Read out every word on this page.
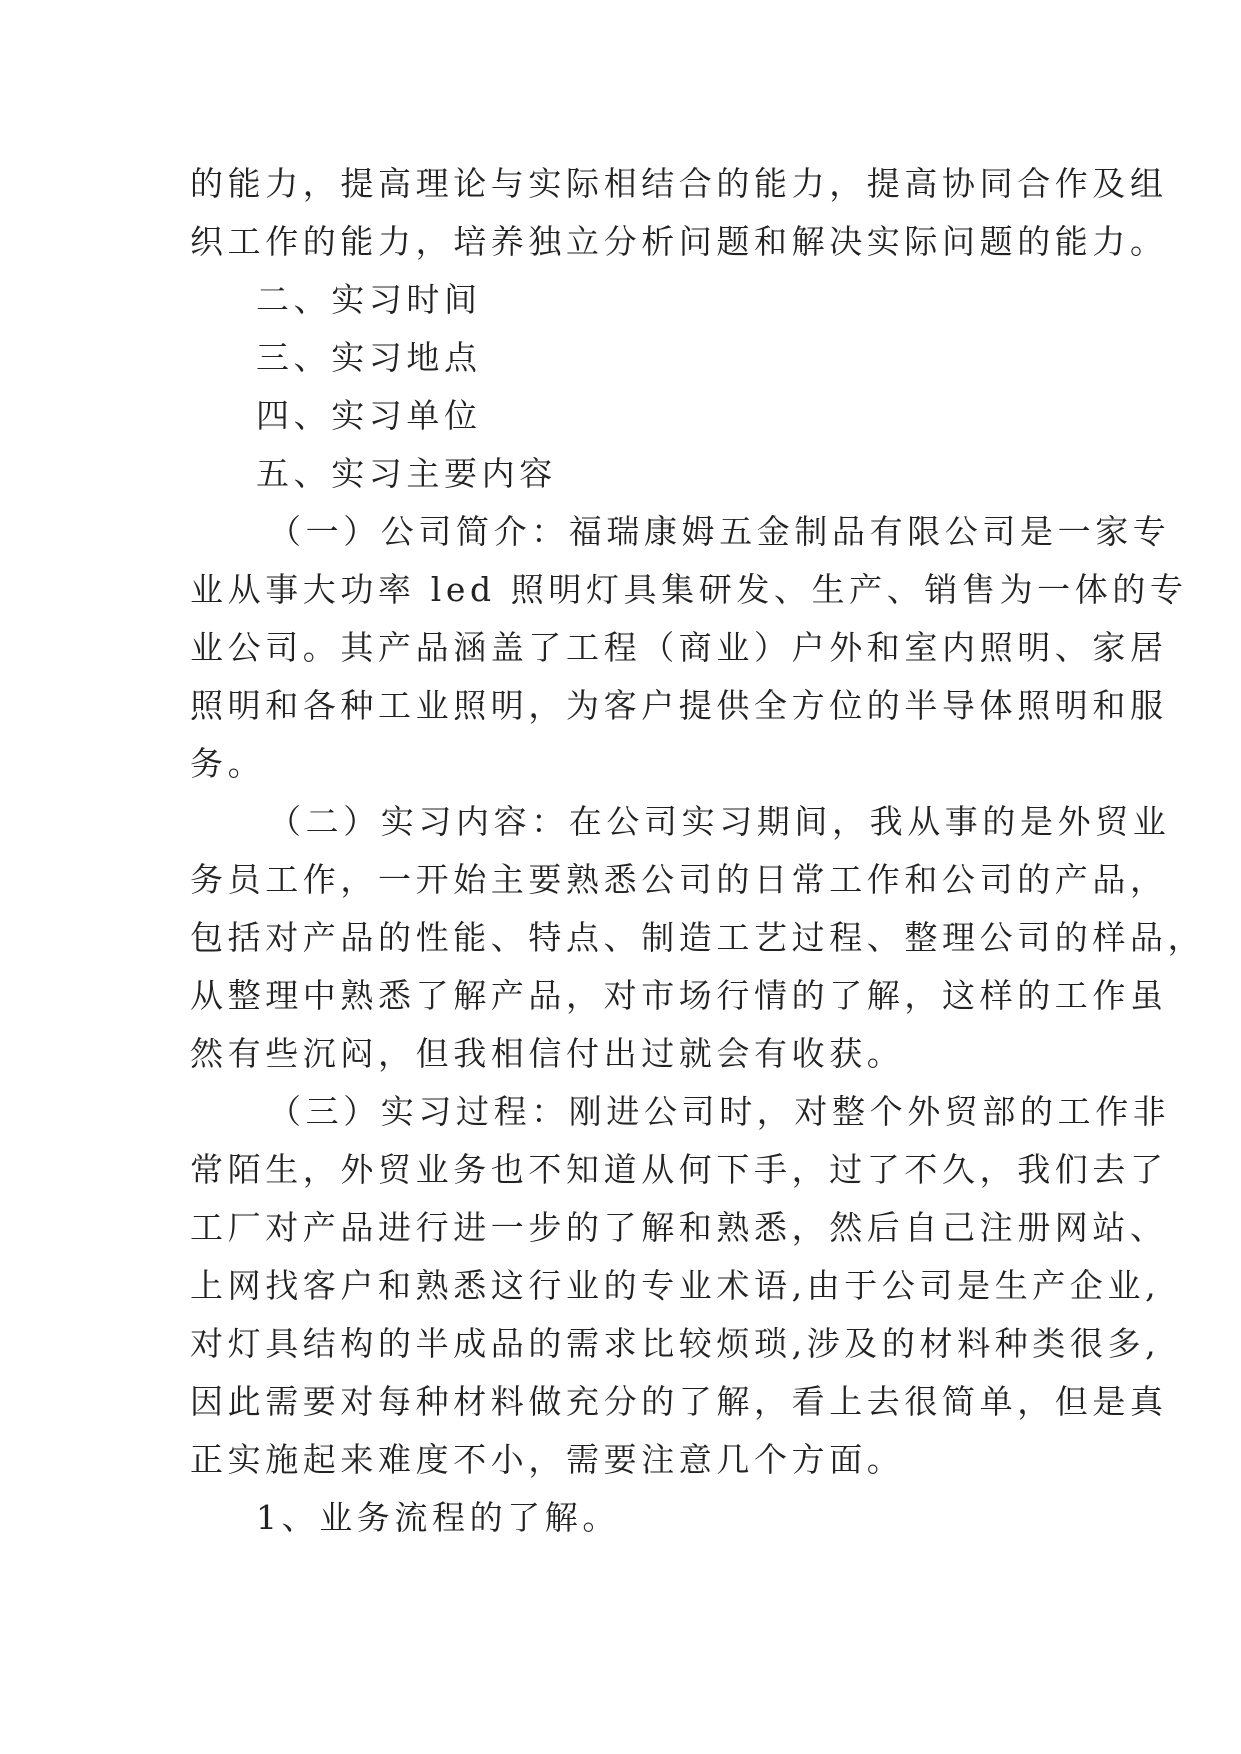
的能力，提高理论与实际相结合的能力，提高协同合作及组
织工作的能力，培养独立分析问题和解决实际问题的能力。
二、实习时间
三、实习地点
四、实习单位
五、实习主要内容
（一）公司简介：福瑞康姆五金制品有限公司是一家专
业从事大功率 led 照明灯具集研发、生产、销售为一体的专
业公司。其产品涵盖了工程（商业）户外和室内照明、家居
照明和各种工业照明，为客户提供全方位的半导体照明和服
务。
（二）实习内容：在公司实习期间，我从事的是外贸业
务员工作，一开始主要熟悉公司的日常工作和公司的产品，
包括对产品的性能、特点、制造工艺过程、整理公司的样品，
从整理中熟悉了解产品，对市场行情的了解，这样的工作虽
然有些沉闷，但我相信付出过就会有收获。
（三）实习过程：刚进公司时，对整个外贸部的工作非
常陌生，外贸业务也不知道从何下手，过了不久，我们去了
工厂对产品进行进一步的了解和熟悉，然后自己注册网站、
上网找客户和熟悉这行业的专业术语,由于公司是生产企业,
对灯具结构的半成品的需求比较烦琐,涉及的材料种类很多,
因此需要对每种材料做充分的了解，看上去很简单，但是真
正实施起来难度不小，需要注意几个方面。
1、业务流程的了解。
